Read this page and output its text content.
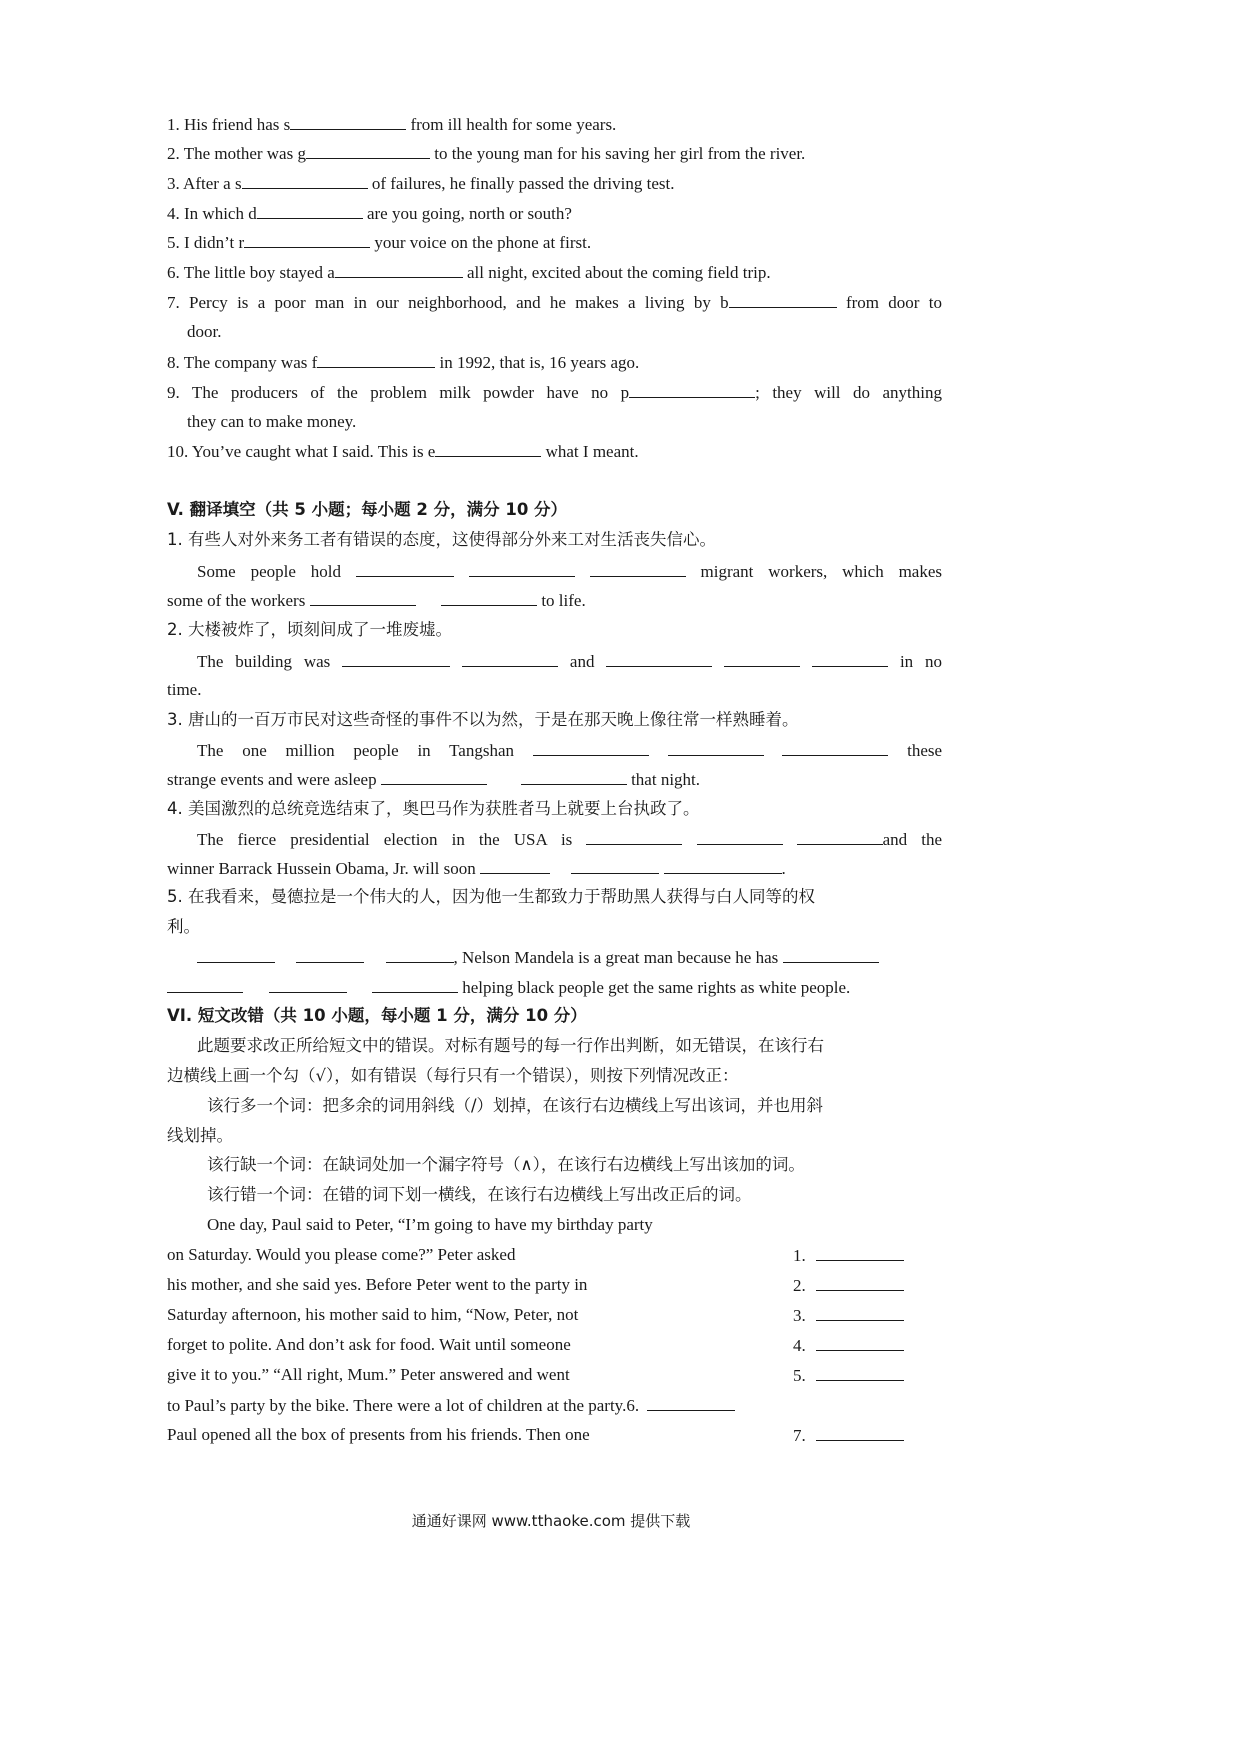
1. His friend has s	from ill health for some years.
2. The mother was g	to the young man for his saving her girl from the river.
3. After a s	of failures, he finally passed the driving test.
4. In which d	are you going, north or south?
5. I didn’t r	your voice on the phone at first.
6. The little boy stayed a	all night, excited about the coming field trip.
7. Percy is a poor man in our neighborhood, and he makes a living by b	from door to
door.
8. The company was f	in 1992, that is, 16 years ago.
9. The producers of the problem milk powder have no p	; they will do anything
they can to make money.
10. You’ve caught what I said. This is e	what I meant.
V. 翻译填空（共 5 小题；每小题 2 分，满分 10 分）
1. 有些人对外来务工者有错误的态度，这使得部分外来工对生活丧失信心。
Some people hold	migrant workers, which makes
some of the workers	to life.
2. 大楼被炸了，顷刻间成了一堆废墟。
The building was	and	in no
time.
3. 唐山的一百万市民对这些奇怪的事件不以为然，于是在那天晚上像往常一样熟睡着。
The one million people in Tangshan	these
strange events and were asleep	that night.
4. 美国激烈的总统竞选结束了，奥巴马作为获胜者马上就要上台执政了。
The fierce presidential election in the USA is	and the
winner Barrack Hussein Obama, Jr. will soon	.
5. 在我看来，曼德拉是一个伟大的人，因为他一生都致力于帮助黑人获得与白人同等的权
利。
, Nelson Mandela is a great man because he has
helping black people get the same rights as white people.
VI. 短文改错（共 10 小题，每小题 1 分，满分 10 分）
此题要求改正所给短文中的错误。对标有题号的每一行作出判断，如无错误，在该行右
边横线上画一个勾（√），如有错误（每行只有一个错误），则按下列情况改正：
该行多一个词：把多余的词用斜线（/）划掉，在该行右边横线上写出该词，并也用斜
线划掉。
该行缺一个词：在缺词处加一个漏字符号（∧），在该行右边横线上写出该加的词。
该行错一个词：在错的词下划一横线，在该行右边横线上写出改正后的词。
One day, Paul said to Peter, “I’m going to have my birthday party
on Saturday. Would you please come?” Peter asked	1.
his mother, and she said yes. Before Peter went to the party in	2.
Saturday afternoon, his mother said to him, “Now, Peter, not	3.
forget to polite. And don’t ask for food. Wait until someone	4.
give it to you.” “All right, Mum.” Peter answered and went	5.
to Paul’s party by the bike. There were a lot of children at the party.6.
Paul opened all the box of presents from his friends. Then one	7.
通通好课网 www.tthaoke.com 提供下载
